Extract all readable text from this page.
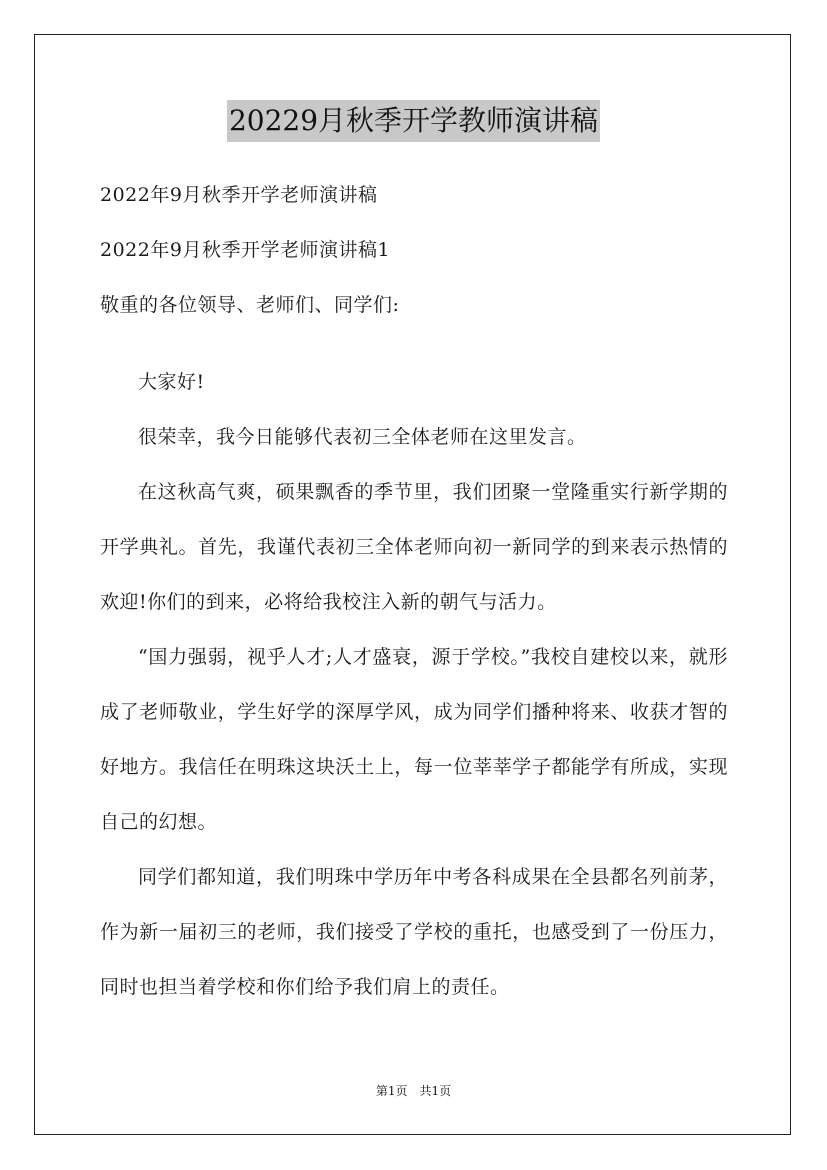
20229月秋季开学教师演讲稿

2022年9月秋季开学老师演讲稿

2022年9月秋季开学老师演讲稿1

敬重的各位领导、老师们、同学们:

大家好!

很荣幸，我今日能够代表初三全体老师在这里发言。

在这秋高气爽，硕果飘香的季节里，我们团聚一堂隆重实行新学期的开学典礼。首先，我谨代表初三全体老师向初一新同学的到来表示热情的欢迎!你们的到来，必将给我校注入新的朝气与活力。

“国力强弱，视乎人才;人才盛衰，源于学校。”我校自建校以来，就形成了老师敬业，学生好学的深厚学风，成为同学们播种将来、收获才智的好地方。我信任在明珠这块沃土上，每一位莘莘学子都能学有所成，实现自己的幻想。

同学们都知道，我们明珠中学历年中考各科成果在全县都名列前茅，作为新一届初三的老师，我们接受了学校的重托，也感受到了一份压力，同时也担当着学校和你们给予我们肩上的责任。

第1页　共1页
